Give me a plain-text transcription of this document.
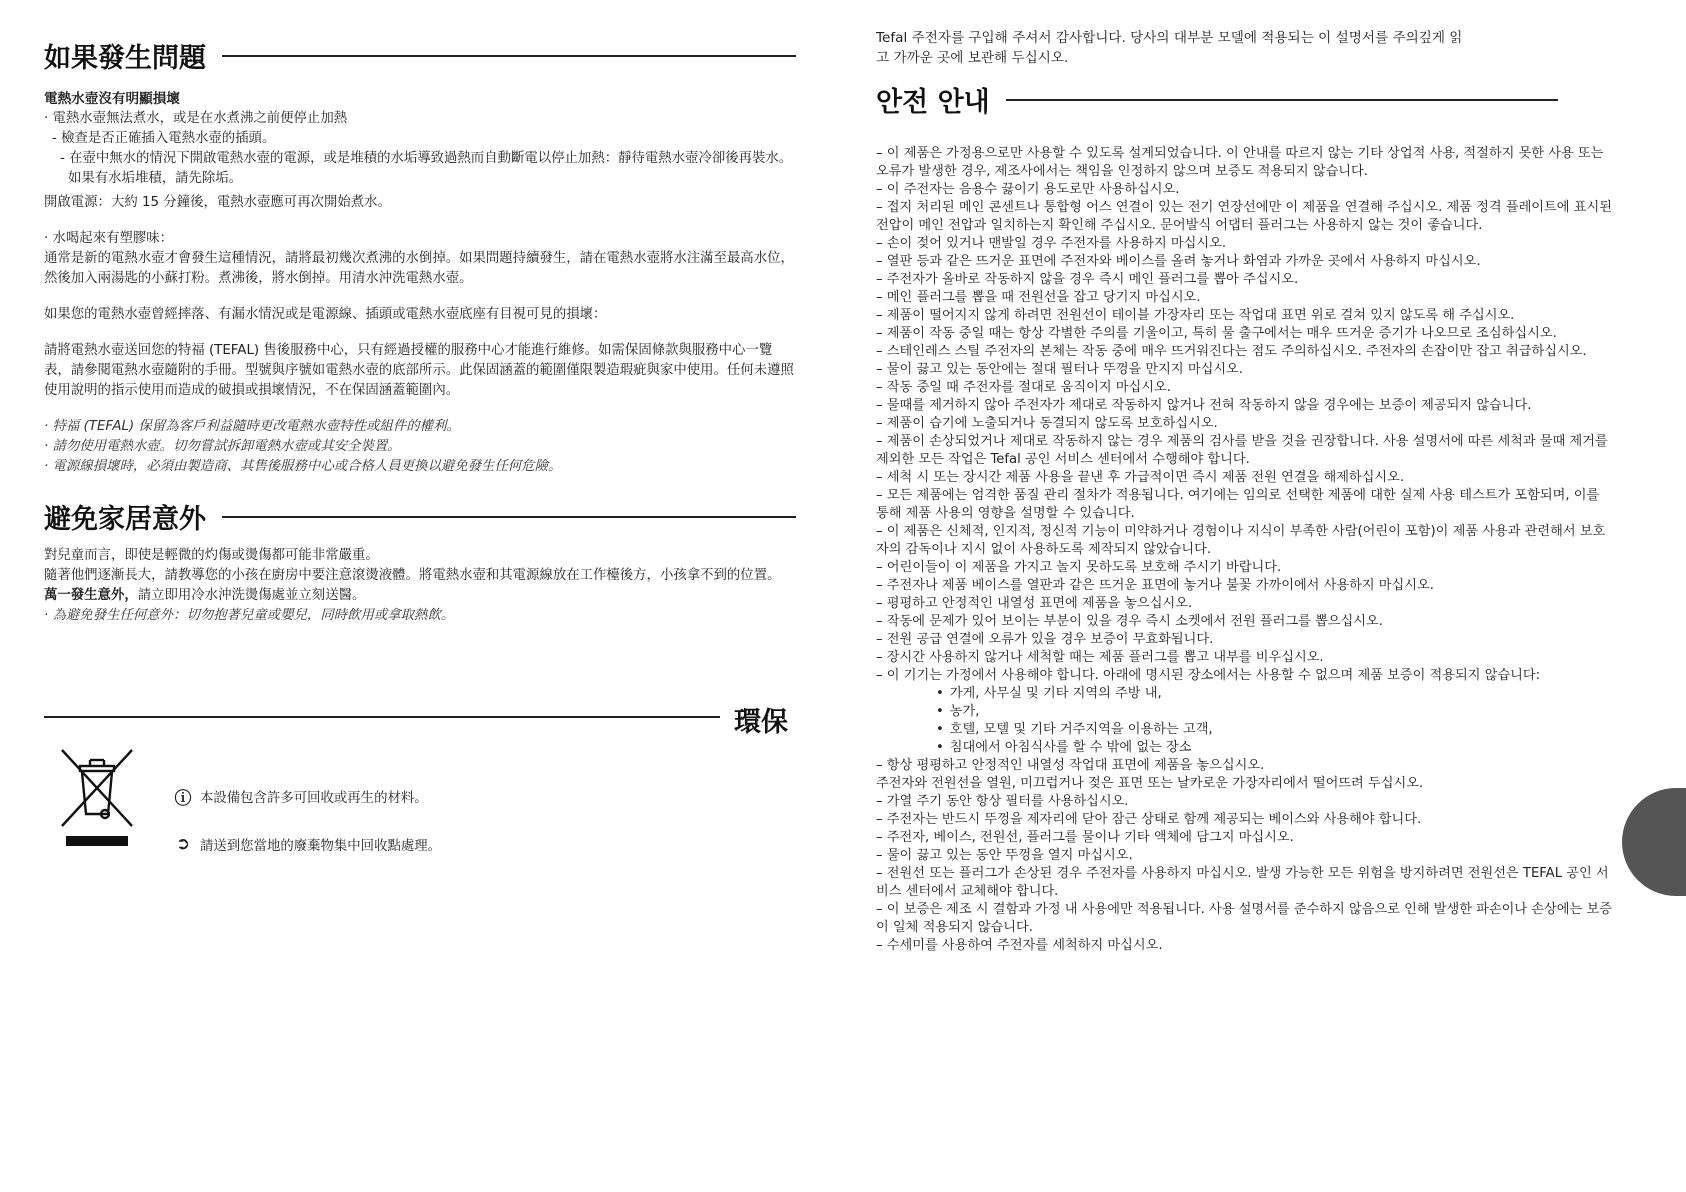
如果發生問題

電熱水壺沒有明顯損壞

· 電熱水壺無法煮水，或是在水煮沸之前便停止加熱

- 檢查是否正確插入電熱水壺的插頭。

- 在壺中無水的情況下開啟電熱水壺的電源，或是堆積的水垢導致過熱而自動斷電以停止加熱：靜待電熱水壺冷卻後再裝水。如果有水垢堆積，請先除垢。

開啟電源：大約 15 分鐘後，電熱水壺應可再次開始煮水。

· 水喝起來有塑膠味：

通常是新的電熱水壺才會發生這種情況，請將最初幾次煮沸的水倒掉。如果問題持續發生，請在電熱水壺將水注滿至最高水位，然後加入兩湯匙的小蘇打粉。煮沸後，將水倒掉。用清水沖洗電熱水壺。

如果您的電熱水壺曾經摔落、有漏水情況或是電源線、插頭或電熱水壺底座有目視可見的損壞：

請將電熱水壺送回您的特福 (TEFAL) 售後服務中心，只有經過授權的服務中心才能進行維修。如需保固條款與服務中心一覽表，請參閱電熱水壺隨附的手冊。型號與序號如電熱水壺的底部所示。此保固涵蓋的範圍僅限製造瑕疵與家中使用。任何未遵照使用說明的指示使用而造成的破損或損壞情況，不在保固涵蓋範圍內。

· 特福 (TEFAL) 保留為客戶利益隨時更改電熱水壺特性或組件的權利。

· 請勿使用電熱水壺。切勿嘗試拆卸電熱水壺或其安全裝置。

· 電源線損壞時，必須由製造商、其售後服務中心或合格人員更換以避免發生任何危險。

避免家居意外

對兒童而言，即使是輕微的灼傷或燙傷都可能非常嚴重。

隨著他們逐漸長大，請教導您的小孩在廚房中要注意滾燙液體。將電熱水壺和其電源線放在工作檯後方，小孩拿不到的位置。

萬一發生意外，請立即用冷水沖洗燙傷處並立刻送醫。

· 為避免發生任何意外：切勿抱著兒童或嬰兒，同時飲用或拿取熱飲。

環保
ⓘ 本設備包含許多可回收或再生的材料。
➲ 請送到您當地的廢棄物集中回收點處理。

Tefal 주전자를 구입해 주셔서 감사합니다. 당사의 대부분 모델에 적용되는 이 설명서를 주의깊게 읽

고 가까운 곳에 보관해 두십시오.

안전 안내

– 이 제품은 가정용으로만 사용할 수 있도록 설계되었습니다. 이 안내를 따르지 않는 기타 상업적 사용, 적절하지 못한 사용 또는 오류가 발생한 경우, 제조사에서는 책임을 인정하지 않으며 보증도 적용되지 않습니다.

– 이 주전자는 음용수 끓이기 용도로만 사용하십시오.

– 접지 처리된 메인 콘센트나 통합형 어스 연결이 있는 전기 연장선에만 이 제품을 연결해 주십시오. 제품 정격 플레이트에 표시된 전압이 메인 전압과 일치하는지 확인해 주십시오. 문어발식 어댑터 플러그는 사용하지 않는 것이 좋습니다.

– 손이 젖어 있거나 맨발일 경우 주전자를 사용하지 마십시오.

– 열판 등과 같은 뜨거운 표면에 주전자와 베이스를 올려 놓거나 화염과 가까운 곳에서 사용하지 마십시오.

– 주전자가 올바로 작동하지 않을 경우 즉시 메인 플러그를 뽑아 주십시오.

– 메인 플러그를 뽑을 때 전원선을 잡고 당기지 마십시오.

– 제품이 떨어지지 않게 하려면 전원선이 테이블 가장자리 또는 작업대 표면 위로 걸쳐 있지 않도록 해 주십시오.

– 제품이 작동 중일 때는 항상 각별한 주의를 기울이고, 특히 물 출구에서는 매우 뜨거운 증기가 나오므로 조심하십시오.

– 스테인레스 스틸 주전자의 본체는 작동 중에 매우 뜨거워진다는 점도 주의하십시오. 주전자의 손잡이만 잡고 취급하십시오.

– 물이 끓고 있는 동안에는 절대 필터나 뚜껑을 만지지 마십시오.

– 작동 중일 때 주전자를 절대로 움직이지 마십시오.

– 물때를 제거하지 않아 주전자가 제대로 작동하지 않거나 전혀 작동하지 않을 경우에는 보증이 제공되지 않습니다.

– 제품이 습기에 노출되거나 동결되지 않도록 보호하십시오.

– 제품이 손상되었거나 제대로 작동하지 않는 경우 제품의 검사를 받을 것을 권장합니다. 사용 설명서에 따른 세척과 물때 제거를 제외한 모든 작업은 Tefal 공인 서비스 센터에서 수행해야 합니다.

– 세척 시 또는 장시간 제품 사용을 끝낸 후 가급적이면 즉시 제품 전원 연결을 해제하십시오.

– 모든 제품에는 엄격한 품질 관리 절차가 적용됩니다. 여기에는 임의로 선택한 제품에 대한 실제 사용 테스트가 포함되며, 이를 통해 제품 사용의 영향을 설명할 수 있습니다.

– 이 제품은 신체적, 인지적, 정신적 기능이 미약하거나 경험이나 지식이 부족한 사람(어린이 포함)이 제품 사용과 관련해서 보호자의 감독이나 지시 없이 사용하도록 제작되지 않았습니다.

– 어린이들이 이 제품을 가지고 놀지 못하도록 보호해 주시기 바랍니다.

– 주전자나 제품 베이스를 열판과 같은 뜨거운 표면에 놓거나 불꽃 가까이에서 사용하지 마십시오.

– 평평하고 안정적인 내열성 표면에 제품을 놓으십시오.

– 작동에 문제가 있어 보이는 부분이 있을 경우 즉시 소켓에서 전원 플러그를 뽑으십시오.

– 전원 공급 연결에 오류가 있을 경우 보증이 무효화됩니다.

– 장시간 사용하지 않거나 세척할 때는 제품 플러그를 뽑고 내부를 비우십시오.

– 이 기기는 가정에서 사용해야 합니다. 아래에 명시된 장소에서는 사용할 수 없으며 제품 보증이 적용되지 않습니다:

• 가게, 사무실 및 기타 지역의 주방 내,

• 농가,

• 호텔, 모텔 및 기타 거주지역을 이용하는 고객,

• 침대에서 아침식사를 할 수 밖에 없는 장소

– 항상 평평하고 안정적인 내열성 작업대 표면에 제품을 놓으십시오.

주전자와 전원선을 열원, 미끄럽거나 젖은 표면 또는 날카로운 가장자리에서 떨어뜨려 두십시오.

– 가열 주기 동안 항상 필터를 사용하십시오.

– 주전자는 반드시 뚜껑을 제자리에 닫아 잠근 상태로 함께 제공되는 베이스와 사용해야 합니다.

– 주전자, 베이스, 전원선, 플러그를 물이나 기타 액체에 담그지 마십시오.

– 물이 끓고 있는 동안 뚜껑을 열지 마십시오.

– 전원선 또는 플러그가 손상된 경우 주전자를 사용하지 마십시오. 발생 가능한 모든 위험을 방지하려면 전원선은 TEFAL 공인 서비스 센터에서 교체해야 합니다.

– 이 보증은 제조 시 결함과 가정 내 사용에만 적용됩니다. 사용 설명서를 준수하지 않음으로 인해 발생한 파손이나 손상에는 보증이 일체 적용되지 않습니다.

– 수세미를 사용하여 주전자를 세척하지 마십시오.
